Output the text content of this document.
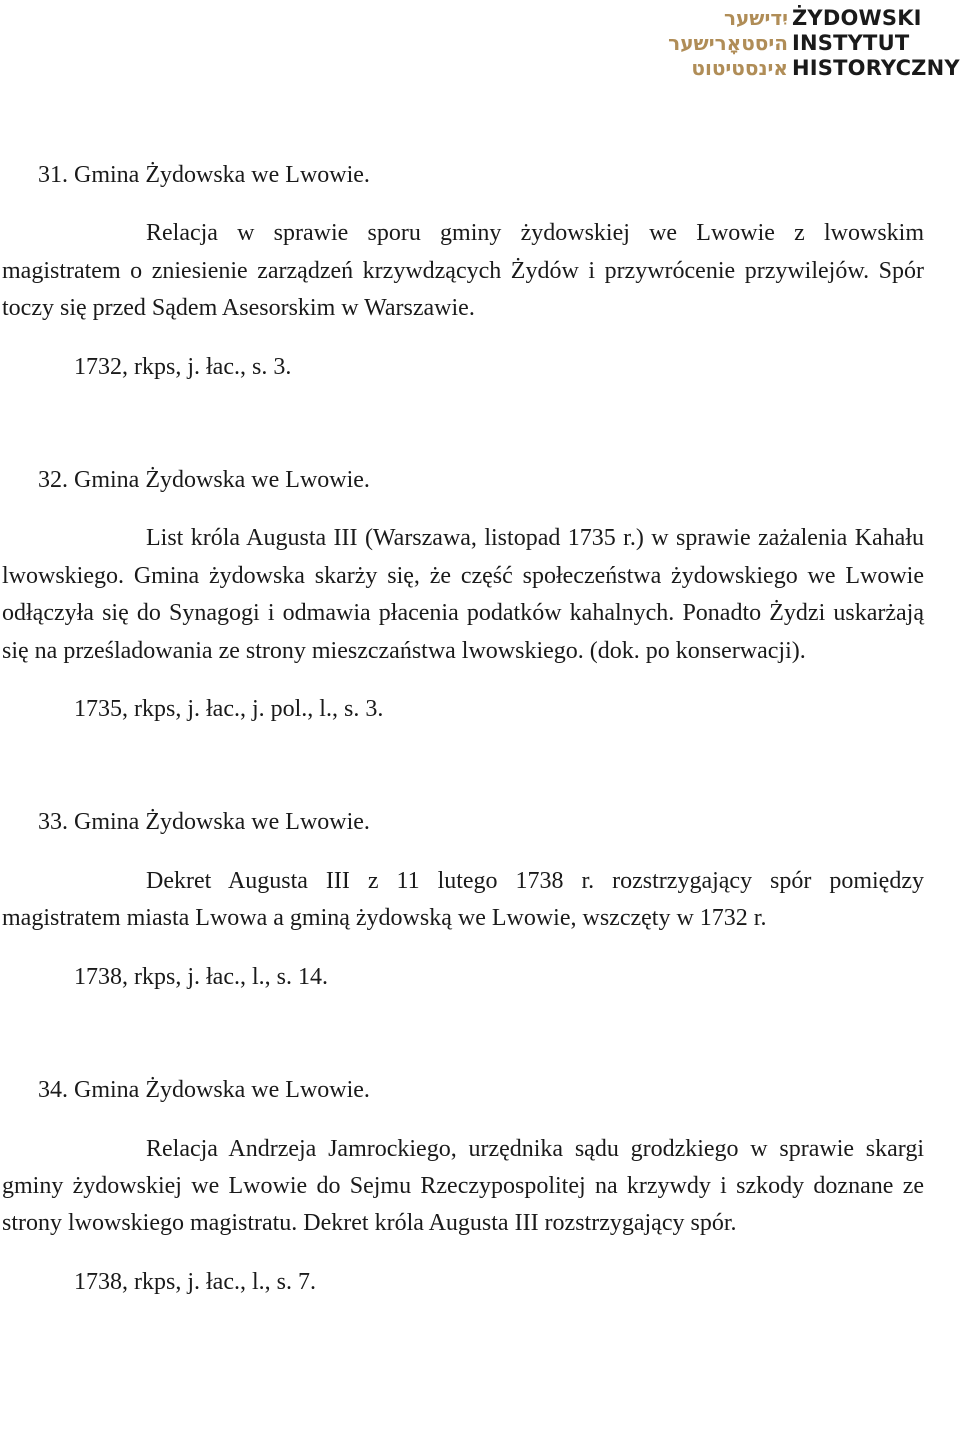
יִדישער
היסטאָרישער
אינסטיטוט
ŻYDOWSKI
INSTYTUT
HISTORYCZNY

31. Gmina Żydowska we Lwowie.

Relacja w sprawie sporu gminy żydowskiej we Lwowie z lwowskim magistratem o zniesienie zarządzeń krzywdzących Żydów i przywrócenie przywilejów. Spór toczy się przed Sądem Asesorskim w Warszawie.

1732, rkps, j. łac., s. 3.

32. Gmina Żydowska we Lwowie.

List króla Augusta III (Warszawa, listopad 1735 r.) w sprawie zażalenia Kahału lwowskiego. Gmina żydowska skarży się, że część społeczeństwa żydowskiego we Lwowie odłączyła się do Synagogi i odmawia płacenia podatków kahalnych. Ponadto Żydzi uskarżają się na prześladowania ze strony mieszczaństwa lwowskiego. (dok. po konserwacji).

1735, rkps, j. łac., j. pol., l., s. 3.

33. Gmina Żydowska we Lwowie.

Dekret Augusta III z 11 lutego 1738 r. rozstrzygający spór pomiędzy magistratem miasta Lwowa a gminą żydowską we Lwowie, wszczęty w 1732 r.

1738, rkps, j. łac., l., s. 14.

34. Gmina Żydowska we Lwowie.

Relacja Andrzeja Jamrockiego, urzędnika sądu grodzkiego w sprawie skargi gminy żydowskiej we Lwowie do Sejmu Rzeczypospolitej na krzywdy i szkody doznane ze strony lwowskiego magistratu. Dekret króla Augusta III rozstrzygający spór.

1738, rkps, j. łac., l., s. 7.
